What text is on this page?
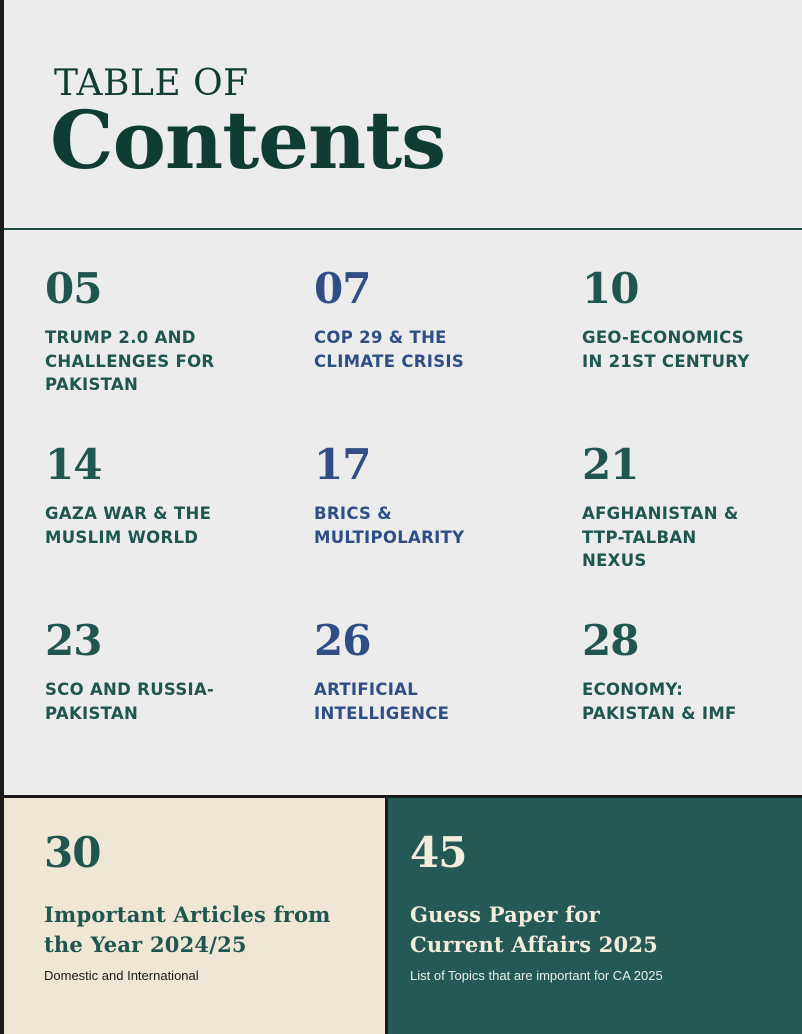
TABLE OF
Contents
05
TRUMP 2.0 AND
CHALLENGES FOR
PAKISTAN
07
COP 29 & THE
CLIMATE CRISIS
10
GEO-ECONOMICS
IN 21ST CENTURY
14
GAZA WAR & THE
MUSLIM WORLD
17
BRICS &
MULTIPOLARITY
21
AFGHANISTAN &
TTP-TALBAN
NEXUS
23
SCO AND RUSSIA-
PAKISTAN
26
ARTIFICIAL
INTELLIGENCE
28
ECONOMY:
PAKISTAN & IMF
30
Important Articles from
the Year 2024/25
Domestic and International
45
Guess Paper for
Current Affairs 2025
List of Topics that are important for CA 2025
